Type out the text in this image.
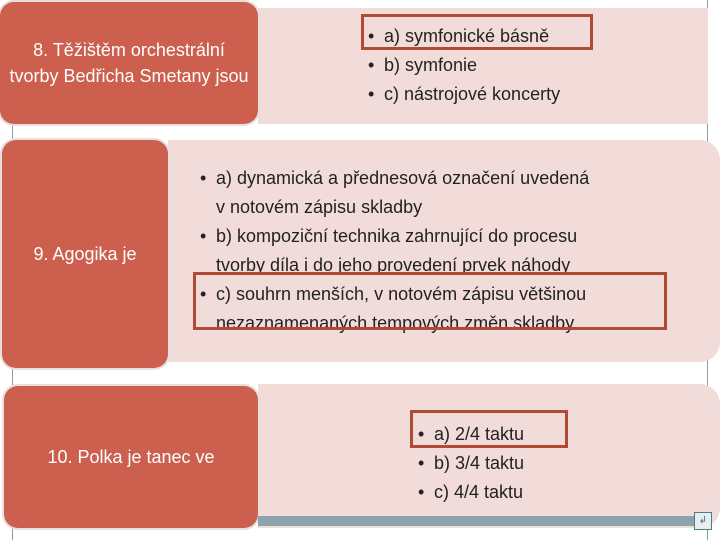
• a) symfonické básně
• b) symfonie
• c) nástrojové koncerty
8. Těžištěm orchestrální tvorby Bedřicha Smetany jsou
• a) dynamická a přednesová označení uvedená
v notovém zápisu skladby
• b) kompoziční technika zahrnující do procesu
tvorby díla i do jeho provedení prvek náhody
• c) souhrn menších, v notovém zápisu většinou
nezaznamenaných tempových změn skladby
9. Agogika je
• a) 2/4 taktu
• b) 3/4 taktu
• c) 4/4 taktu
10. Polka je tanec ve
↲
